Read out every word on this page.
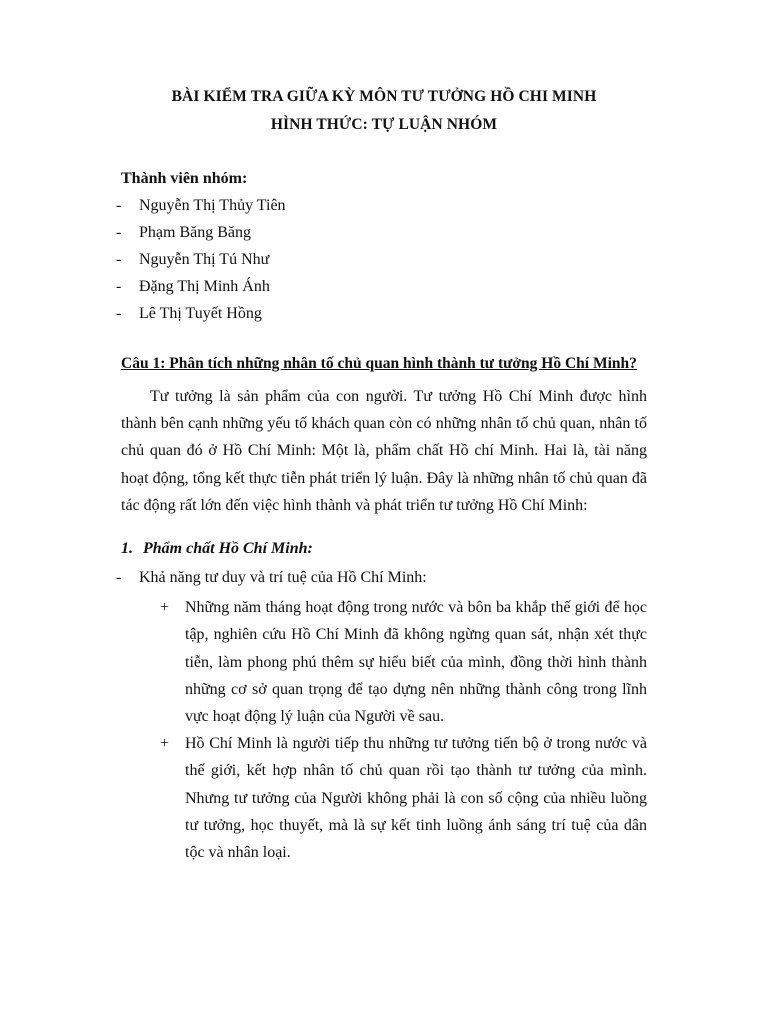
BÀI KIỂM TRA GIỮA KỲ MÔN TƯ TƯỞNG HỒ CHI MINH
HÌNH THỨC: TỰ LUẬN NHÓM
Thành viên nhóm:
- Nguyễn Thị Thủy Tiên
- Phạm Băng Băng
- Nguyễn Thị Tú Như
- Đặng Thị Minh Ánh
- Lê Thị Tuyết Hồng
Câu 1: Phân tích những nhân tố chủ quan hình thành tư tưởng Hồ Chí Minh?

Tư tưởng là sản phẩm của con người. Tư tưởng Hồ Chí Minh được hình thành bên cạnh những yếu tố khách quan còn có những nhân tố chủ quan, nhân tố chủ quan đó ở Hồ Chí Minh: Một là, phẩm chất Hồ chí Minh. Hai là, tài năng hoạt động, tổng kết thực tiễn phát triển lý luận. Đây là những nhân tố chủ quan đã tác động rất lớn đến việc hình thành và phát triển tư tưởng Hồ Chí Minh:

1. Phẩm chất Hồ Chí Minh:
- Khả năng tư duy và trí tuệ của Hồ Chí Minh:
+ Những năm tháng hoạt động trong nước và bôn ba khắp thế giới để học tập, nghiên cứu Hồ Chí Minh đã không ngừng quan sát, nhận xét thực tiễn, làm phong phú thêm sự hiểu biết của mình, đồng thời hình thành những cơ sở quan trọng để tạo dựng nên những thành công trong lĩnh vực hoạt động lý luận của Người về sau.

+ Hồ Chí Minh là người tiếp thu những tư tưởng tiến bộ ở trong nước và thế giới, kết hợp nhân tố chủ quan rồi tạo thành tư tưởng của mình. Nhưng tư tưởng của Người không phải là con số cộng của nhiều luồng tư tưởng, học thuyết, mà là sự kết tinh luồng ánh sáng trí tuệ của dân tộc và nhân loại.
